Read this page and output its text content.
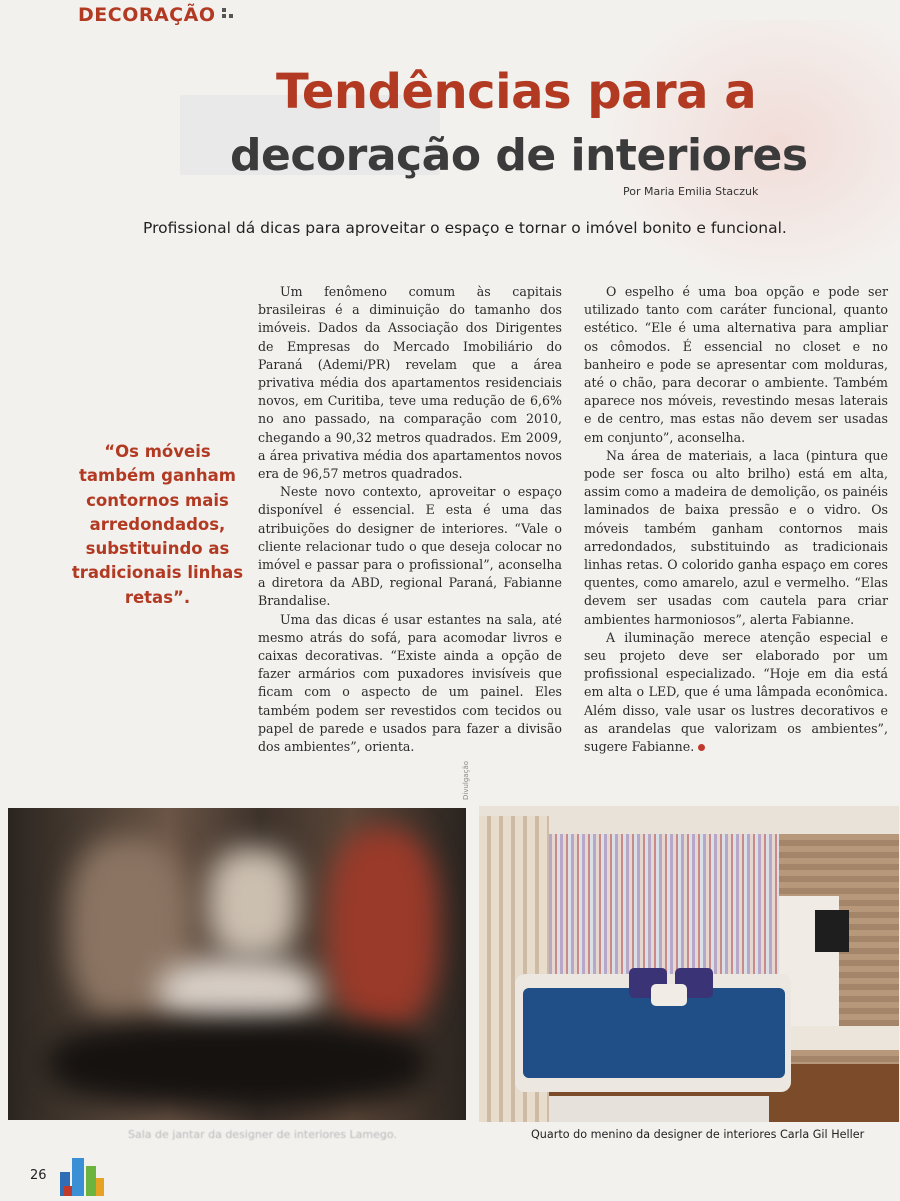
DECORAÇÃO
Tendências para a
decoração de interiores
Por Maria Emilia Staczuk
Profissional dá dicas para aproveitar o espaço e tornar o imóvel bonito e funcional.
“Os móveis também ganham contornos mais arredondados, substituindo as tradicionais linhas retas”.

Um fenômeno comum às capitais brasileiras é a diminuição do tamanho dos imóveis. Dados da Associação dos Dirigentes de Empresas do Mercado Imobiliário do Paraná (Ademi/PR) revelam que a área privativa média dos apartamentos residenciais novos, em Curitiba, teve uma redução de 6,6% no ano passado, na comparação com 2010, chegando a 90,32 metros quadrados. Em 2009, a área privativa média dos apartamentos novos era de 96,57 metros quadrados.

Neste novo contexto, aproveitar o espaço disponível é essencial. E esta é uma das atribuições do designer de interiores. “Vale o cliente relacionar tudo o que deseja colocar no imóvel e passar para o profissional”, aconselha a diretora da ABD, regional Paraná, Fabianne Brandalise.

Uma das dicas é usar estantes na sala, até mesmo atrás do sofá, para acomodar livros e caixas decorativas. “Existe ainda a opção de fazer armários com puxadores invisíveis que ficam com o aspecto de um painel. Eles também podem ser revestidos com tecidos ou papel de parede e usados para fazer a divisão dos ambientes”, orienta.

O espelho é uma boa opção e pode ser utilizado tanto com caráter funcional, quanto estético. “Ele é uma alternativa para ampliar os cômodos. É essencial no closet e no banheiro e pode se apresentar com molduras, até o chão, para decorar o ambiente. Também aparece nos móveis, revestindo mesas laterais e de centro, mas estas não devem ser usadas em conjunto”, aconselha.

Na área de materiais, a laca (pintura que pode ser fosca ou alto brilho) está em alta, assim como a madeira de demolição, os painéis laminados de baixa pressão e o vidro. Os móveis também ganham contornos mais arredondados, substituindo as tradicionais linhas retas. O colorido ganha espaço em cores quentes, como amarelo, azul e vermelho. “Elas devem ser usadas com cautela para criar ambientes harmoniosos”, alerta Fabianne.

A iluminação merece atenção especial e seu projeto deve ser elaborado por um profissional especializado. “Hoje em dia está em alta o LED, que é uma lâmpada econômica. Além disso, vale usar os lustres decorativos e as arandelas que valorizam os ambientes”, sugere Fabianne.

Divulgação
Sala de jantar da designer de interiores Lamego.	Quarto do menino da designer de interiores Carla Gil Heller
26
